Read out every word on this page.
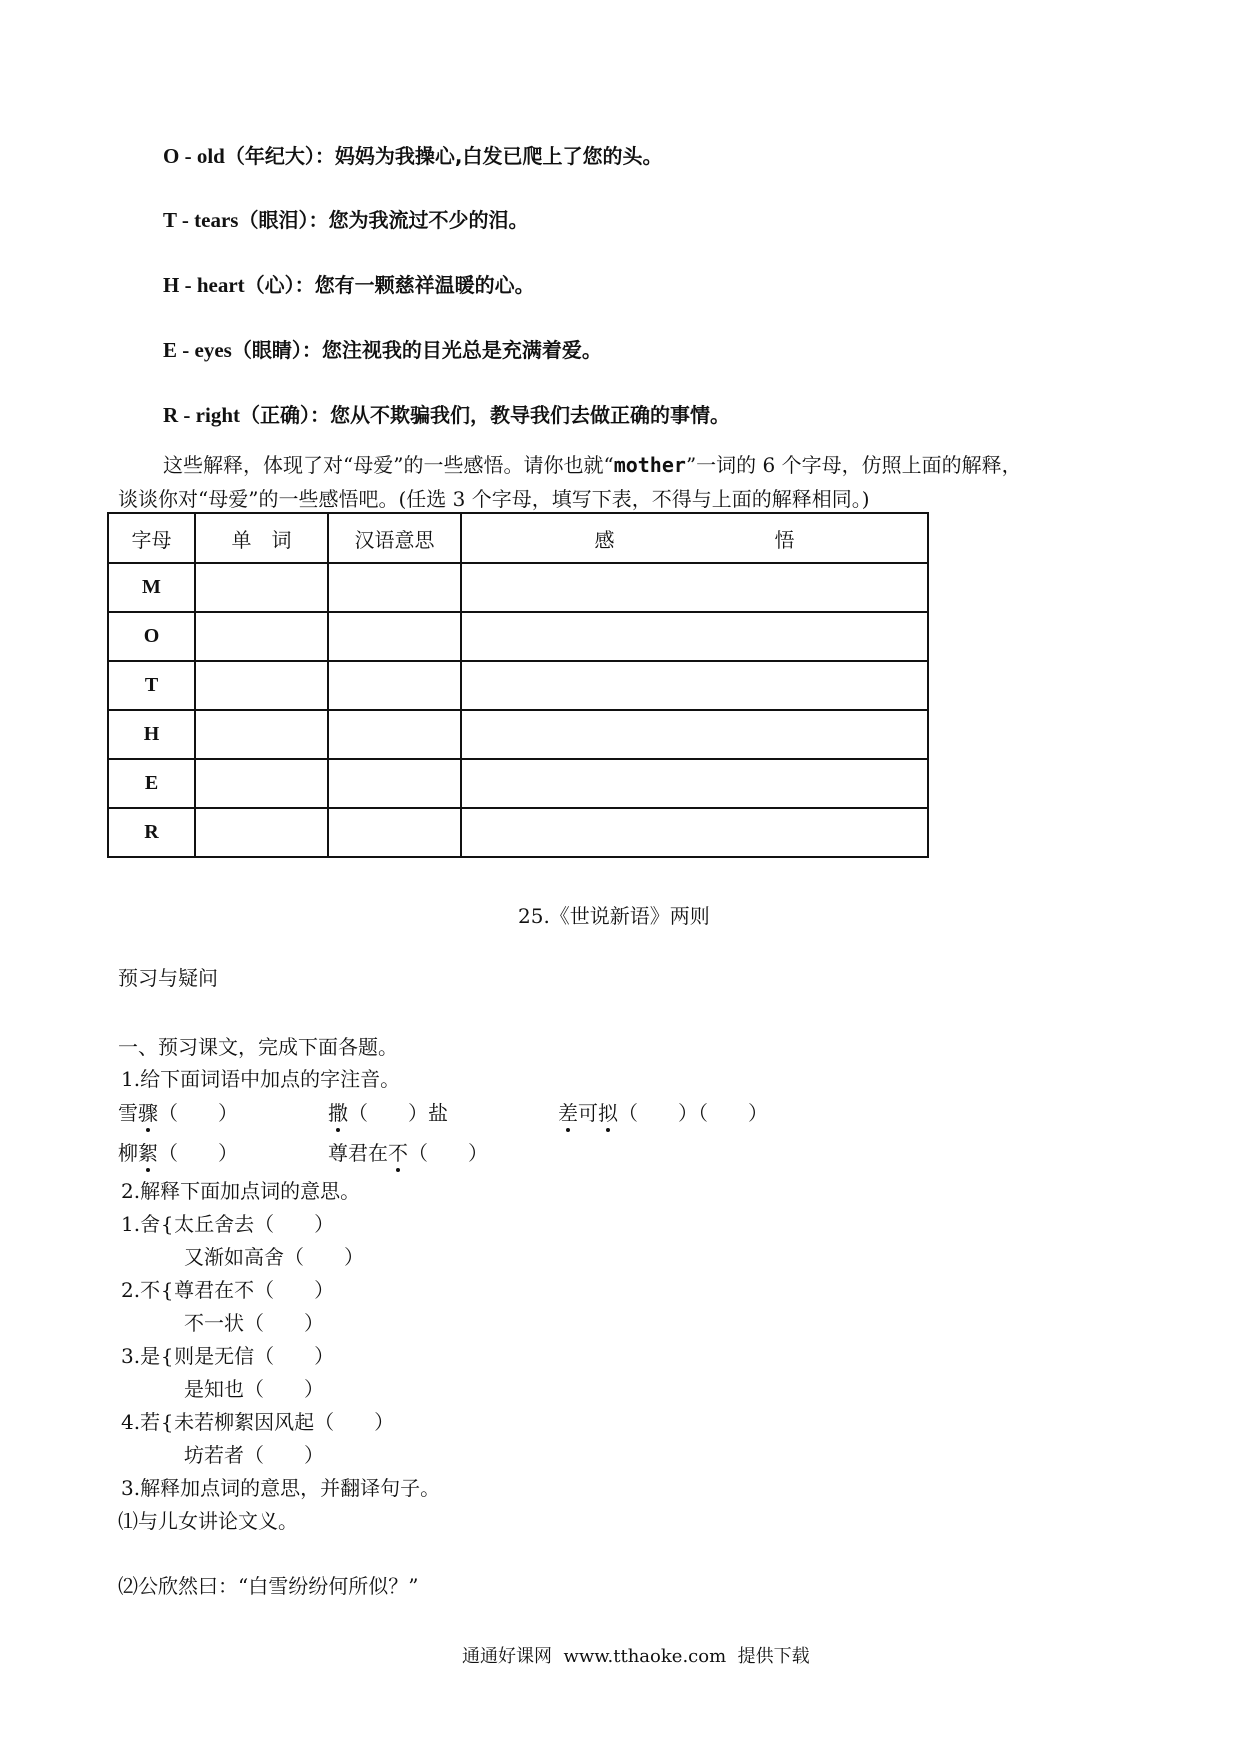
O - old（年纪大）：妈妈为我操心,白发已爬上了您的头。
T - tears（眼泪）：您为我流过不少的泪。
H - heart（心）：您有一颗慈祥温暖的心。
E - eyes（眼睛）：您注视我的目光总是充满着爱。
R - right（正确）：您从不欺骗我们，教导我们去做正确的事情。
这些解释，体现了对“母爱”的一些感悟。请你也就“mother”一词的 6 个字母，仿照上面的解释，
谈谈你对“母爱”的一些感悟吧。(任选 3 个字母，填写下表，不得与上面的解释相同。)
字母	单　词	汉语意思	感　　　　　　　　悟
M			
O			
T			
H			
E			
R			
25.《世说新语》两则
预习与疑问
一、预习课文，完成下面各题。
1.给下面词语中加点的字注音。
雪骤（　　）	撒（　　）盐	差可拟（　　）（　　）
柳絮（　　）	尊君在不（　　）
2.解释下面加点词的意思。
1.舍{太丘舍去（　　）
又渐如高舍（　　）
2.不{尊君在不（　　）
不一状（　　）
3.是{则是无信（　　）
是知也（　　）
4.若{未若柳絮因风起（　　）
坊若者（　　）
3.解释加点词的意思，并翻译句子。
⑴与儿女讲论文义。
⑵公欣然曰：“白雪纷纷何所似？”
通通好课网  www.tthaoke.com  提供下载
